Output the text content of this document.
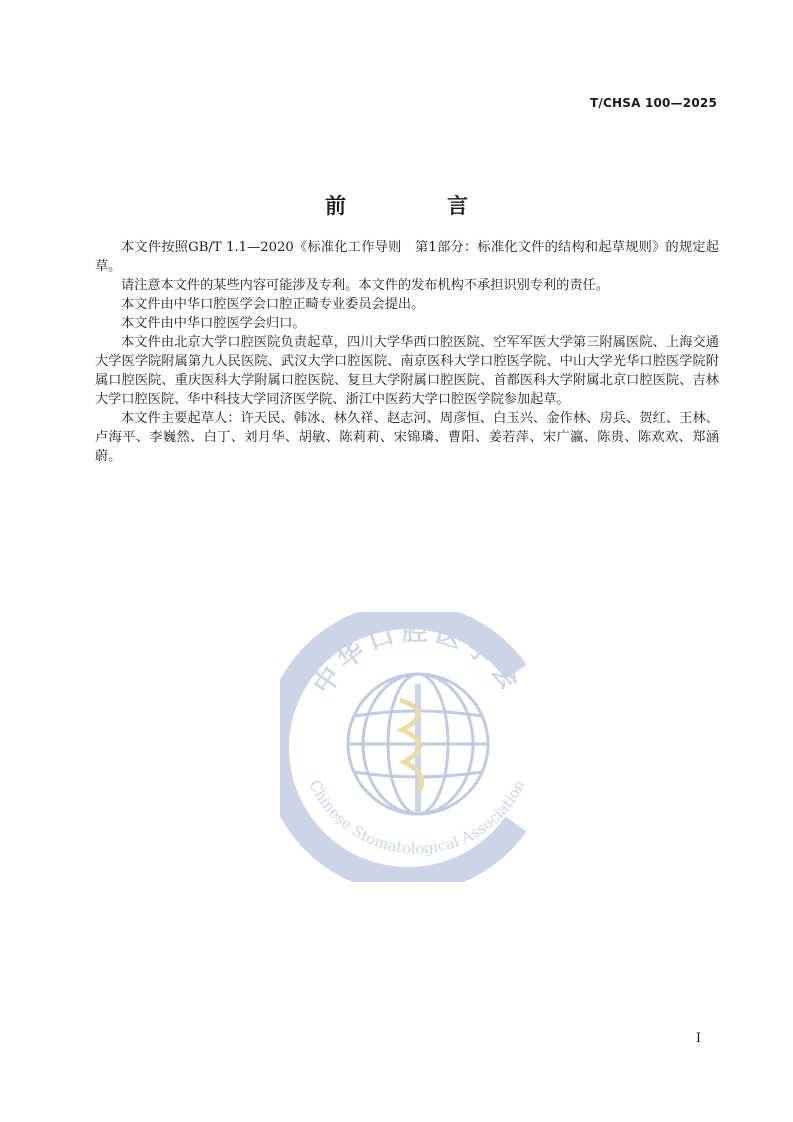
T/CHSA 100—2025
前　言

本文件按照GB/T 1.1—2020《标准化工作导则　第1部分：标准化文件的结构和起草规则》的规定起草。

请注意本文件的某些内容可能涉及专利。本文件的发布机构不承担识别专利的责任。

本文件由中华口腔医学会口腔正畸专业委员会提出。

本文件由中华口腔医学会归口。

本文件由北京大学口腔医院负责起草，四川大学华西口腔医院、空军军医大学第三附属医院、上海交通大学医学院附属第九人民医院、武汉大学口腔医院、南京医科大学口腔医学院、中山大学光华口腔医学院附属口腔医院、重庆医科大学附属口腔医院、复旦大学附属口腔医院、首都医科大学附属北京口腔医院、吉林大学口腔医院、华中科技大学同济医学院、浙江中医药大学口腔医学院参加起草。

本文件主要起草人：许天民、韩冰、林久祥、赵志河、周彦恒、白玉兴、金作林、房兵、贺红、王林、卢海平、李巍然、白丁、刘月华、胡敏、陈莉莉、宋锦璘、曹阳、姜若萍、宋广瀛、陈贵、陈欢欢、郑涵蔚。

中华口腔医学会
Chinese Stomatological Association
I
